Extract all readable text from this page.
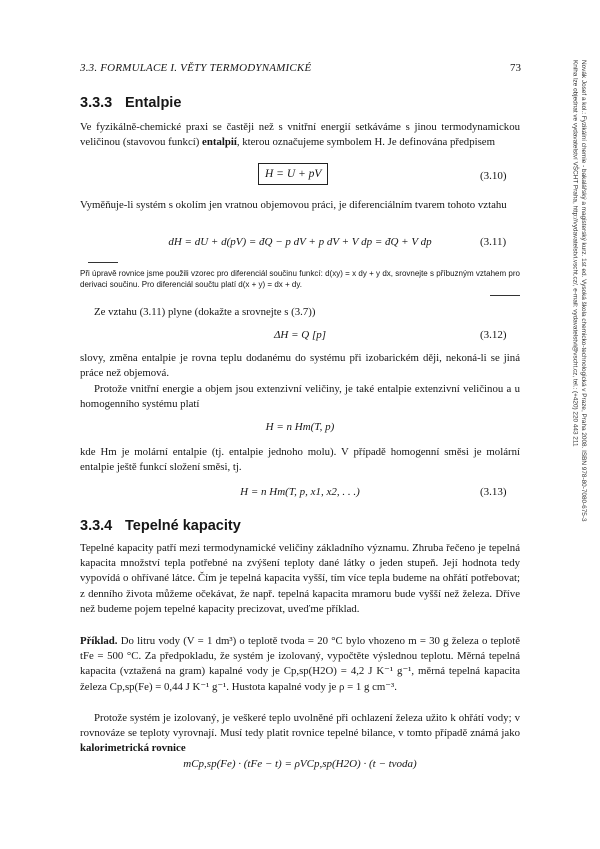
3.3. FORMULACE I. VĚTY TERMODYNAMICKÉ	73	Novák Josef a kol.: Fyzikální chemie - bakalářský a magisterský kurz. 1st ed. Vysoká škola chemicko-technologická v Praze, Praha 2008. ISBN 978-80-7080-675-3
Kniha lze objednat ve vydavatelství VŠCHT Praha, http://vydavatelstvi.vscht.cz/, e-mail: vydavatelstvi@vscht.cz, tel.: (+420) 220 443 211
3.3.3 Entalpie
Ve fyzikálně-chemické praxi se častěji než s vnitřní energií setkáváme s jinou termodynamickou veličinou (stavovou funkcí) entalpií, kterou označujeme symbolem H. Je definována předpisem
H = U + pV	(3.10)
Vyměňuje-li systém s okolím jen vratnou objemovou práci, je diferenciálním tvarem tohoto vztahu
dH = dU + d(pV) = đQ − p dV + p dV + V dp = đQ + V dp	(3.11)
Při úpravě rovnice jsme použili vzorec pro diferenciál součinu funkcí: d(xy) = x dy + y dx, srovnejte s příbuzným vztahem pro derivaci součinu. Pro diferenciál součtu platí d(x + y) = dx + dy.
Ze vztahu (3.11) plyne (dokažte a srovnejte s (3.7))
ΔH = Q [p]	(3.12)
slovy, změna entalpie je rovna teplu dodanému do systému při izobarickém ději, nekoná-li se jiná práce než objemová.
Protože vnitřní energie a objem jsou extenzivní veličiny, je také entalpie extenzivní veličinou a u homogenního systému platí
H = n Hm(T, p)
kde Hm je molární entalpie (tj. entalpie jednoho molu). V případě homogenní směsi je molární entalpie ještě funkcí složení směsi, tj.
H = n Hm(T, p, x1, x2, . . .)	(3.13)
3.3.4 Tepelné kapacity
Tepelné kapacity patří mezi termodynamické veličiny základního významu. Zhruba řečeno je tepelná kapacita množství tepla potřebné na zvýšení teploty dané látky o jeden stupeň. Její hodnota tedy vypovídá o ohřívané látce. Čím je tepelná kapacita vyšší, tím více tepla budeme na ohřátí potřebovat; z denního života můžeme očekávat, že např. tepelná kapacita mramoru bude vyšší než železa. Dříve než budeme pojem tepelné kapacity precizovat, uveďme příklad.
Příklad. Do litru vody (V = 1 dm³) o teplotě tvoda = 20 °C bylo vhozeno m = 30 g železa o teplotě tFe = 500 °C. Za předpokladu, že systém je izolovaný, vypočtěte výslednou teplotu. Měrná tepelná kapacita (vztažená na gram) kapalné vody je Cp,sp(H2O) = 4,2 J K⁻¹ g⁻¹, měrná tepelná kapacita železa Cp,sp(Fe) = 0,44 J K⁻¹ g⁻¹. Hustota kapalné vody je ρ = 1 g cm⁻³.
Protože systém je izolovaný, je veškeré teplo uvolněné při ochlazení železa užito k ohřátí vody; v rovnováze se teploty vyrovnají. Musí tedy platit rovnice tepelné bilance, v tomto případě známá jako kalorimetrická rovnice
mCp,sp(Fe) · (tFe − t) = ρVCp,sp(H2O) · (t − tvoda)
